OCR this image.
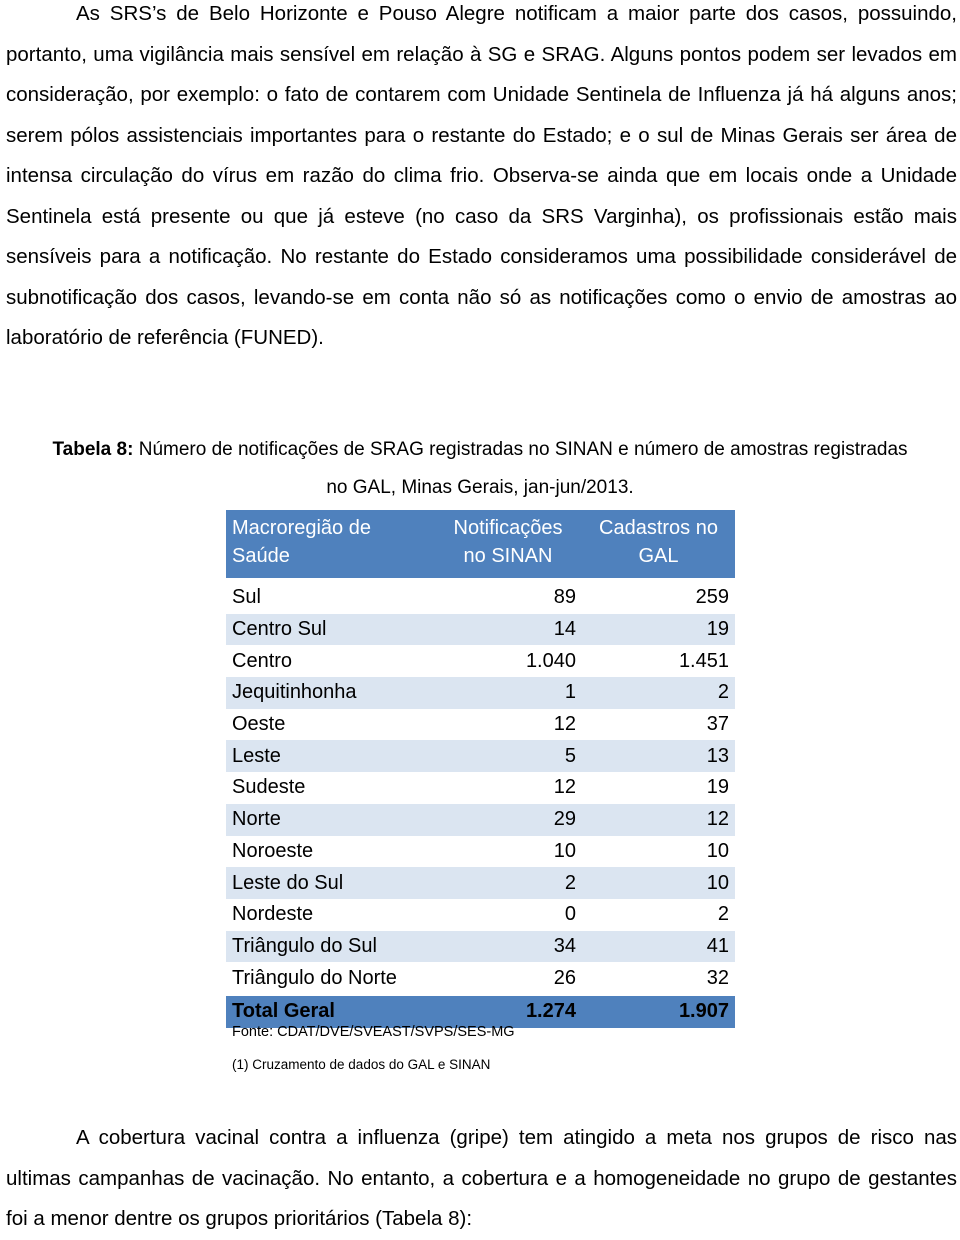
As SRS’s de Belo Horizonte e Pouso Alegre notificam a maior parte dos casos, possuindo, portanto, uma vigilância mais sensível em relação à SG e SRAG. Alguns pontos podem ser levados em consideração, por exemplo: o fato de contarem com Unidade Sentinela de Influenza já há alguns anos; serem pólos assistenciais importantes para o restante do Estado; e o sul de Minas Gerais ser área de intensa circulação do vírus em razão do clima frio. Observa-se ainda que em locais onde a Unidade Sentinela está presente ou que já esteve (no caso da SRS Varginha), os profissionais estão mais sensíveis para a notificação. No restante do Estado consideramos uma possibilidade considerável de subnotificação dos casos, levando-se em conta não só as notificações como o envio de amostras ao laboratório de referência (FUNED).

Tabela 8: Número de notificações de SRAG registradas no SINAN e número de amostras registradas

no GAL, Minas Gerais, jan-jun/2013.

Macroregião de Saúde	Notificações no SINAN	Cadastros no GAL
Sul	89	259
Centro Sul	14	19
Centro	1.040	1.451
Jequitinhonha	1	2
Oeste	12	37
Leste	5	13
Sudeste	12	19
Norte	29	12
Noroeste	10	10
Leste do Sul	2	10
Nordeste	0	2
Triângulo do Sul	34	41
Triângulo do Norte	26	32
Total Geral	1.274	1.907

Fonte: CDAT/DVE/SVEAST/SVPS/SES-MG

(1) Cruzamento de dados do GAL e SINAN

A cobertura vacinal contra a influenza (gripe) tem atingido a meta nos grupos de risco nas ultimas campanhas de vacinação. No entanto, a cobertura e a homogeneidade no grupo de gestantes foi a menor dentre os grupos prioritários (Tabela 8):
